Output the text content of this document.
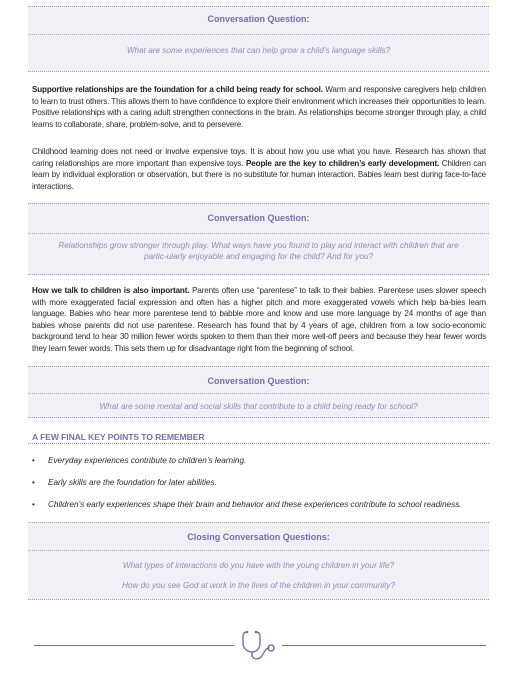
Conversation Question:
What are some experiences that can help grow a child’s language skills?
Supportive relationships are the foundation for a child being ready for school. Warm and responsive caregivers help children to learn to trust others. This allows them to have confidence to explore their environment which increases their opportunities to learn. Positive relationships with a caring adult strengthen connections in the brain. As relationships become stronger through play, a child learns to collaborate, share, problem-solve, and to persevere.
Childhood learning does not need or involve expensive toys. It is about how you use what you have. Research has shown that caring relationships are more important than expensive toys. People are the key to children’s early development. Children can learn by individual exploration or observation, but there is no substitute for human interaction. Babies learn best during face-to-face interactions.
Conversation Question:
Relationships grow stronger through play. What ways have you found to play and interact with children that are partic-ularly enjoyable and engaging for the child? And for you?
How we talk to children is also important. Parents often use “parentese” to talk to their babies. Parentese uses slower speech with more exaggerated facial expression and often has a higher pitch and more exaggerated vowels which help ba-bies learn language. Babies who hear more parentese tend to babble more and know and use more language by 24 months of age than babies whose parents did not use parentese. Research has found that by 4 years of age, children from a low socio-economic background tend to hear 30 million fewer words spoken to them than their more well-off peers and because they hear fewer words they learn fewer words. This sets them up for disadvantage right from the beginning of school.
Conversation Question:
What are some mental and social skills that contribute to a child being ready for school?
A FEW FINAL KEY POINTS TO REMEMBER
• Everyday experiences contribute to children’s learning.
• Early skills are the foundation for later abilities.
• Children’s early experiences shape their brain and behavior and these experiences contribute to school readiness.
Closing Conversation Questions:
What types of interactions do you have with the young children in your life?
How do you see God at work in the lives of the children in your community?
